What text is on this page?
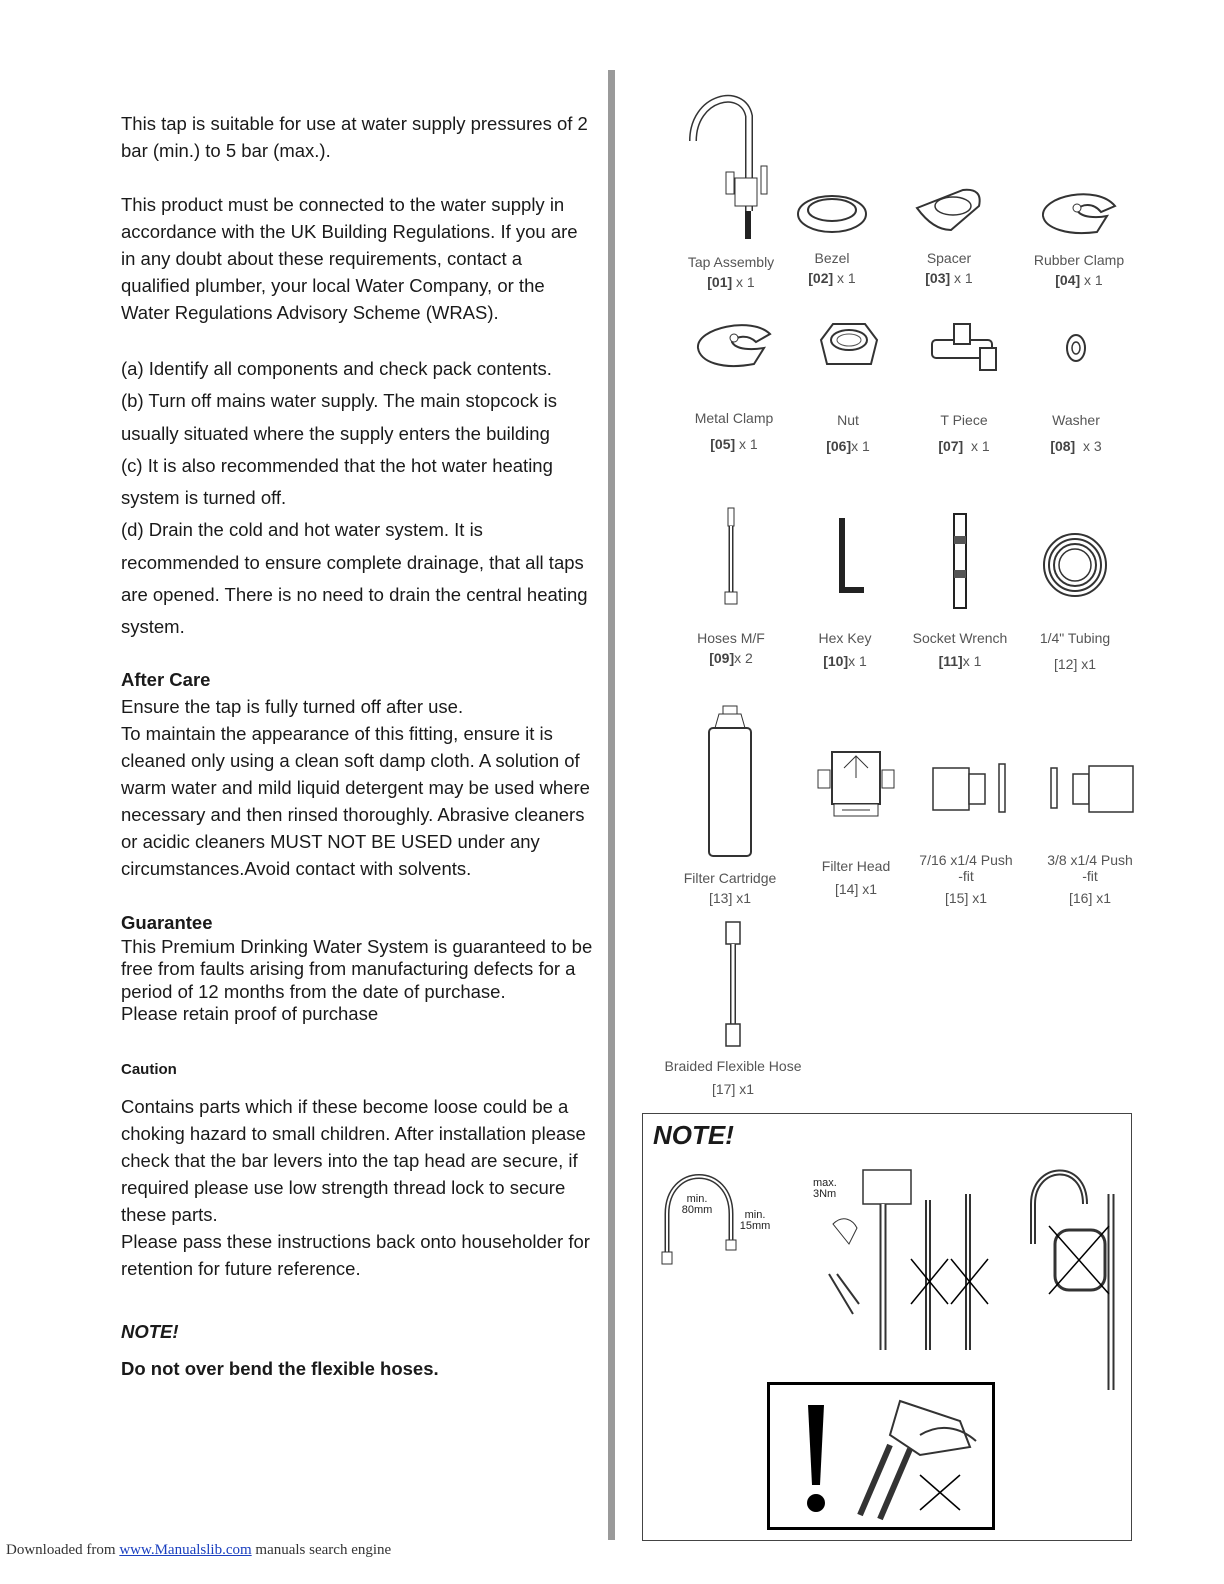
This tap is suitable for use at water supply pressures of 2 bar (min.) to 5 bar (max.).

This product must be connected to the water supply in accordance with the UK Building Regulations. If you are in any doubt about these requirements, contact a qualified plumber, your local Water Company, or the Water Regulations Advisory Scheme (WRAS).

(a) Identify all components and check pack contents.

(b) Turn off mains water supply. The main stopcock is usually situated where the supply enters the building

(c) It is also recommended that the hot water heating system is turned off.

(d) Drain the cold and hot water system. It is recommended to ensure complete drainage, that all taps are opened. There is no need to drain the central heating system.

After Care

Ensure the tap is fully turned off after use.

To maintain the appearance of this fitting, ensure it is cleaned only using a clean soft damp cloth. A solution of warm water and mild liquid detergent may be used where necessary and then rinsed thoroughly. Abrasive cleaners or acidic cleaners MUST NOT BE USED under any circumstances.Avoid contact with solvents.

Guarantee

This Premium Drinking Water System is guaranteed to be free from faults arising from manufacturing defects for a period of 12 months from the date of purchase.

Please retain proof of purchase

Caution

Contains parts which if these become loose could be a choking hazard to small children. After installation please check that the bar levers into the tap head are secure, if required please use low strength thread lock to secure these parts.

Please pass these instructions back onto householder for retention for future reference.

NOTE!

Do not over bend the flexible hoses.

Tap Assembly
[01] x 1
Bezel
[02] x 1
Spacer
[03] x 1
Rubber Clamp
[04] x 1
Metal Clamp
[05] x 1
Nut
[06]x 1
T Piece
[07] x 1
Washer
[08] x 3
Hoses M/F
[09]x 2
Hex Key
[10]x 1
Socket Wrench
[11]x 1
1/4" Tubing
[12] x1
Filter Cartridge
[13] x1
Filter Head
[14] x1
7/16 x1/4 Push -fit
[15] x1
3/8 x1/4 Push -fit
[16] x1
Braided Flexible Hose
[17] x1
NOTE!
min. 80mm	min. 15mm
max. 3Nm
Downloaded from www.Manualslib.com manuals search engine
